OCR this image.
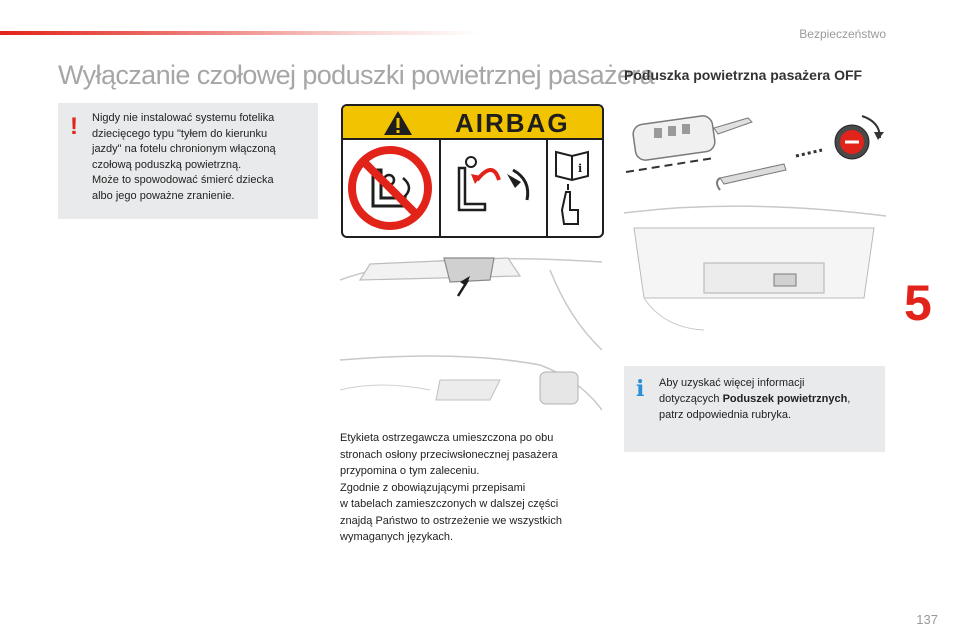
Bezpieczeństwo
Wyłączanie czołowej poduszki powietrznej pasażera
! Nigdy nie instalować systemu fotelika
dziecięcego typu "tyłem do kierunku
jazdy" na fotelu chronionym włączoną
czołową poduszką powietrzną.
Może to spowodować śmierć dziecka
albo jego poważne zranienie.
AIRBAG
i
Etykieta ostrzegawcza umieszczona po obu
stronach osłony przeciwsłonecznej pasażera
przypomina o tym zaleceniu.
Zgodnie z obowiązującymi przepisami
w tabelach zamieszczonych w dalszej części
znajdą Państwo to ostrzeżenie we wszystkich
wymaganych językach.
Poduszka powietrzna pasażera OFF
i Aby uzyskać więcej informacji
dotyczących Poduszek powietrznych,
patrz odpowiednia rubryka.
5
137
